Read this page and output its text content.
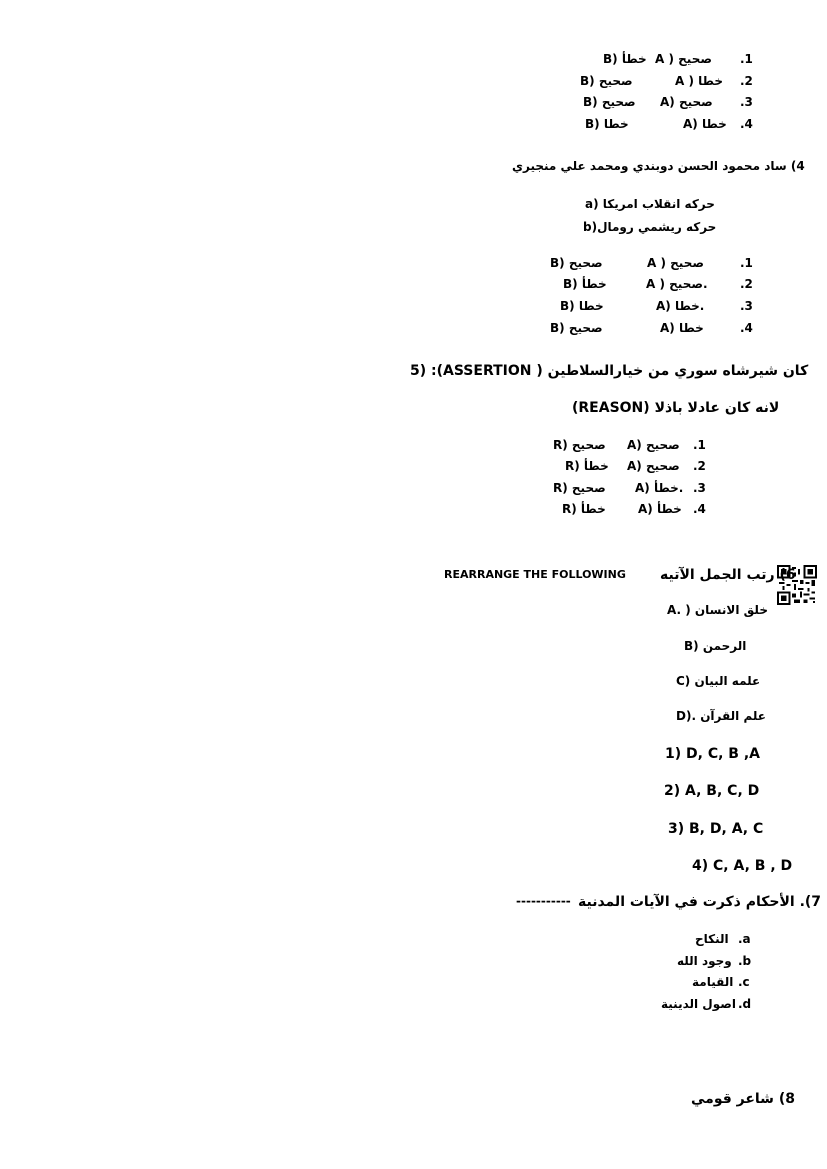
.1
A ) صحيح
B) خطأ
.2
A ) خطا
B) صحيح
.3
A) صحيح
B) صحيح
.4
A) خطا
B) خطا
4) ساد محمود الحسن دوبندي ومحمد علي منجيري
a) حركه انقلاب امريكا
b)حركه ريشمي رومال
.1
A ) صحيح
B) صحيح
.2
A ) صحيح.
B) خطأ
.3
A) خطا.
B) خطا
.4
A) خطا
B) صحيح
5) :(ASSERTION ) كان شيرشاه سوري من خيارالسلاطين
(REASON) لانه كان عادلا باذلا
.1
A) صحيح
R) صحيح
.2
A) صحيح
R) خطأ
.3
A) خطأ.
R) صحيح
.4
A) خطأ
R) خطأ
6) رتب الجمل الآتيه
REARRANGE THE FOLLOWING
A. ) خلق الانسان
B) الرحمن
C) علمه البيان
D). علم القرآن
1) D, C, B ,A
2) A, B, C, D
3) B, D, A, C
4) C, A, B , D
7). الأحكام ذكرت في الآيات المدنية
-----------
.a
النكاح
.b
وجود الله
.c
القيامة
.d
اصول الدينية
8) شاعر قومي
